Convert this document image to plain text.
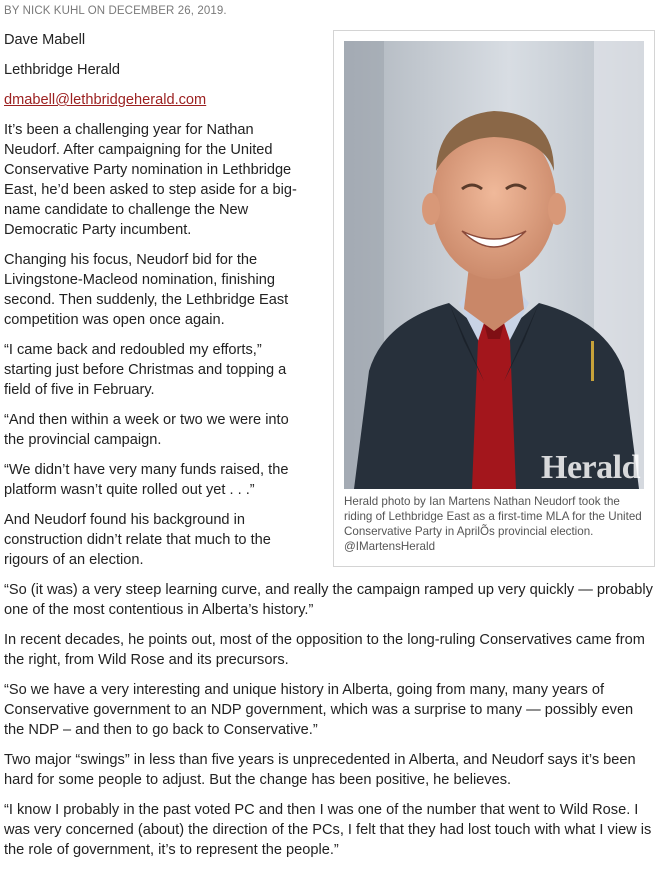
BY NICK KUHL ON DECEMBER 26, 2019.
Herald
Herald photo by Ian Martens Nathan Neudorf took the riding of Lethbridge East as a first-time MLA for the United Conservative Party in AprilÕs provincial election. @IMartensHerald

Dave Mabell

Lethbridge Herald

dmabell@lethbridgeherald.com

It’s been a challenging year for Nathan Neudorf. After campaigning for the United Conservative Party nomination in Lethbridge East, he’d been asked to step aside for a big-name candidate to challenge the New Democratic Party incumbent.

Changing his focus, Neudorf bid for the Livingstone-Macleod nomination, finishing second. Then suddenly, the Lethbridge East competition was open once again.

“I came back and redoubled my efforts,” starting just before Christmas and topping a field of five in February.

“And then within a week or two we were into the provincial campaign.

“We didn’t have very many funds raised, the platform wasn’t quite rolled out yet . . .”

And Neudorf found his background in construction didn’t relate that much to the rigours of an election.

“So (it was) a very steep learning curve, and really the campaign ramped up very quickly — probably one of the most contentious in Alberta’s history.”

In recent decades, he points out, most of the opposition to the long-ruling Conservatives came from the right, from Wild Rose and its precursors.

“So we have a very interesting and unique history in Alberta, going from many, many years of Conservative government to an NDP government, which was a surprise to many — possibly even the NDP – and then to go back to Conservative.”

Two major “swings” in less than five years is unprecedented in Alberta, and Neudorf says it’s been hard for some people to adjust. But the change has been positive, he believes.

“I know I probably in the past voted PC and then I was one of the number that went to Wild Rose. I was very concerned (about) the direction of the PCs, I felt that they had lost touch with what I view is the role of government, it’s to represent the people.”
